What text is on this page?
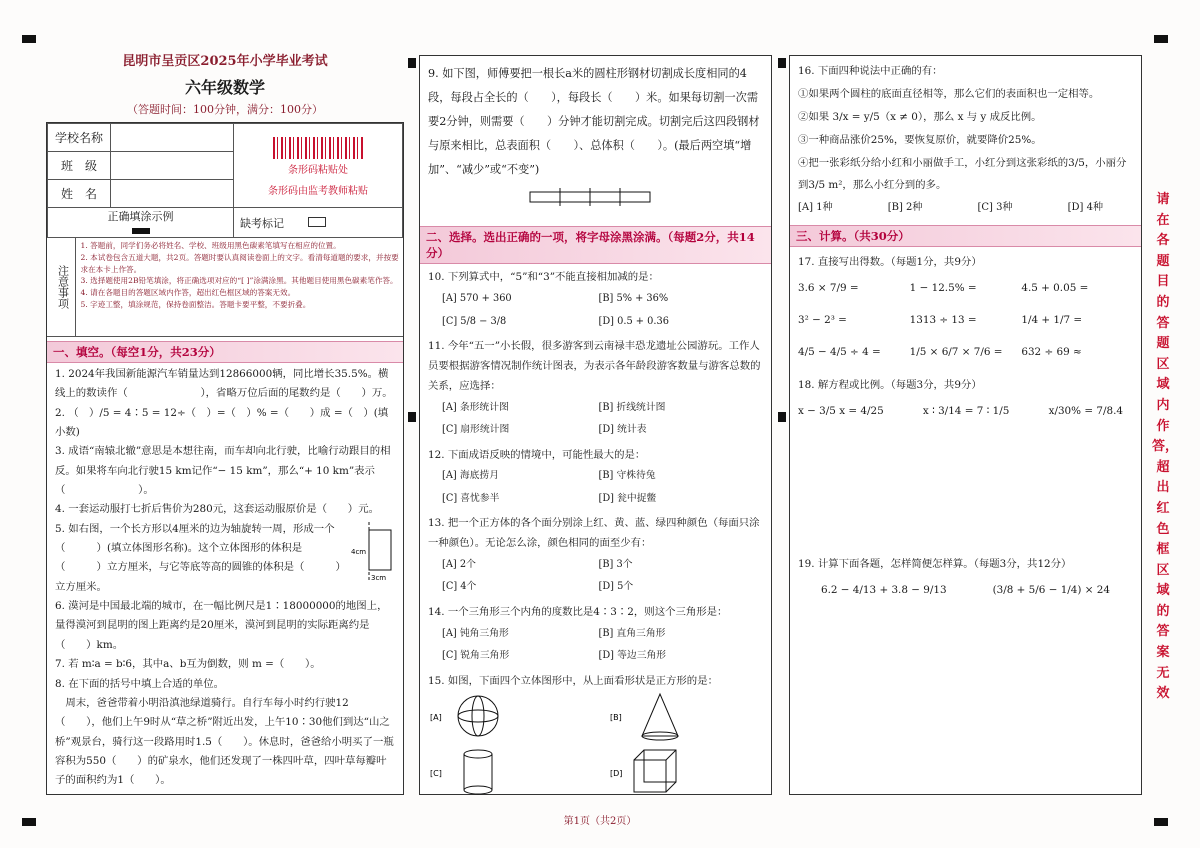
昆明市呈贡区2025年小学毕业考试
六年级数学
（答题时间：100分钟，满分：100分）
学校名称		条形码粘贴处
条形码由监考教师粘贴

班　级		
姓　名		
正确填涂示例		缺考标记
注意事项
1. 答题前，同学们务必将姓名、学校、班级用黑色碳素笔填写在相应的位置。
2. 本试卷包含五道大题，共2页。答题时要认真阅读卷面上的文字。看清每道题的要求，并按要求在本卡上作答。
3. 选择题使用2B铅笔填涂，将正确选项对应的“[ ]”涂满涂黑。其他题目使用黑色碳素笔作答。
4. 请在各题目的答题区域内作答，超出红色框区域的答案无效。
5. 字迹工整，填涂规范，保持卷面整洁。答题卡要平整，不要折叠。
一、填空。（每空1分，共23分）

1. 2024年我国新能源汽车销量达到12866000辆，同比增长35.5%。横线上的数读作（　　　　　　　），省略万位后面的尾数约是（　　）万。

2. （　）/5 = 4∶5 = 12÷（　）=（　）% =（　　）成 =（　）(填小数)

3. 成语“南辕北辙”意思是本想往南，而车却向北行驶，比喻行动跟目的相反。如果将车向北行驶15 km记作“− 15 km”，那么“+ 10 km”表示（　　　　　　　）。

4. 一套运动服打七折后售价为280元，这套运动服原价是（　　）元。

5. 如右图，一个长方形以4厘米的边为轴旋转一周，形成一个（　　　）(填立体图形名称)。这个立体图形的体积是（　　　）立方厘米，与它等底等高的圆锥的体积是（　　　）立方厘米。

4cm
3cm

6. 漠河是中国最北端的城市，在一幅比例尺是1∶18000000的地图上，量得漠河到昆明的图上距离约是20厘米，漠河到昆明的实际距离约是（　　）km。

7. 若 m∶a = b∶6，其中a、b互为倒数，则 m =（　　）。

8. 在下面的括号中填上合适的单位。

　周末，爸爸带着小明沿滇池绿道骑行。自行车每小时约行驶12（　　），他们上午9时从“草之桥”附近出发，上午10∶30他们到达“山之桥”观景台，骑行这一段路用时1.5（　　）。休息时，爸爸给小明买了一瓶容积为550（　　）的矿泉水，他们还发现了一株四叶草，四叶草每瓣叶子的面积约为1（　　）。

9. 如下图，师傅要把一根长a米的圆柱形钢材切割成长度相同的4段，每段占全长的（　　），每段长（　　）米。如果每切割一次需要2分钟，则需要（　　）分钟才能切割完成。切割完后这四段钢材与原来相比，总表面积（　　）、总体积（　　）。(最后两空填“增加”、“减少”或“不变”)

二、选择。选出正确的一项，将字母涂黑涂满。（每题2分，共14分）
10. 下列算式中，“5”和“3”不能直接相加减的是：
[A] 570 + 360	[B] 5% + 36%
[C] 5/8 − 3/8	[D] 0.5 + 0.36
11. 今年“五一”小长假，很多游客到云南禄丰恐龙遗址公园游玩。工作人员要根据游客情况制作统计图表，为表示各年龄段游客数量与游客总数的关系，应选择：
[A] 条形统计图	[B] 折线统计图
[C] 扇形统计图	[D] 统计表
12. 下面成语反映的情境中，可能性最大的是：
[A] 海底捞月	[B] 守株待兔
[C] 喜忧参半	[D] 瓮中捉鳖
13. 把一个正方体的各个面分别涂上红、黄、蓝、绿四种颜色（每面只涂一种颜色）。无论怎么涂，颜色相同的面至少有：
[A] 2个	[B] 3个
[C] 4个	[D] 5个
14. 一个三角形三个内角的度数比是4∶3∶2，则这个三角形是：
[A] 钝角三角形	[B] 直角三角形
[C] 锐角三角形	[D] 等边三角形
15. 如图，下面四个立体图形中，从上面看形状是正方形的是：
[A]	[B]
[C]	[D]
16. 下面四种说法中正确的有：
①如果两个圆柱的底面直径相等，那么它们的表面积也一定相等。
②如果 3/x = y/5（x ≠ 0），那么 x 与 y 成反比例。
③一种商品涨价25%，要恢复原价，就要降价25%。
④把一张彩纸分给小红和小丽做手工，小红分到这张彩纸的3/5，小丽分到3/5 m²，那么小红分到的多。
[A] 1种	[B] 2种	[C] 3种	[D] 4种
三、计算。（共30分）
17. 直接写出得数。（每题1分，共9分）
3.6 × 7/9 =	1 − 12.5% =	4.5 + 0.05 =
3² − 2³ =	1313 ÷ 13 =	1/4 + 1/7 =
4/5 − 4/5 ÷ 4 =	1/5 × 6/7 × 7/6 =	632 ÷ 69 ≈
18. 解方程或比例。（每题3分，共9分）
x − 3/5 x = 4/25	x ∶ 3/14 = 7 ∶ 1/5	x/30% = 7/8.4
19. 计算下面各题，怎样简便怎样算。（每题3分，共12分）
6.2 − 4/13 + 3.8 − 9/13	(3/8 + 5/6 − 1/4) × 24
请在各题目的答题区域内作答，超出红色框区域的答案无效
第1页（共2页）
